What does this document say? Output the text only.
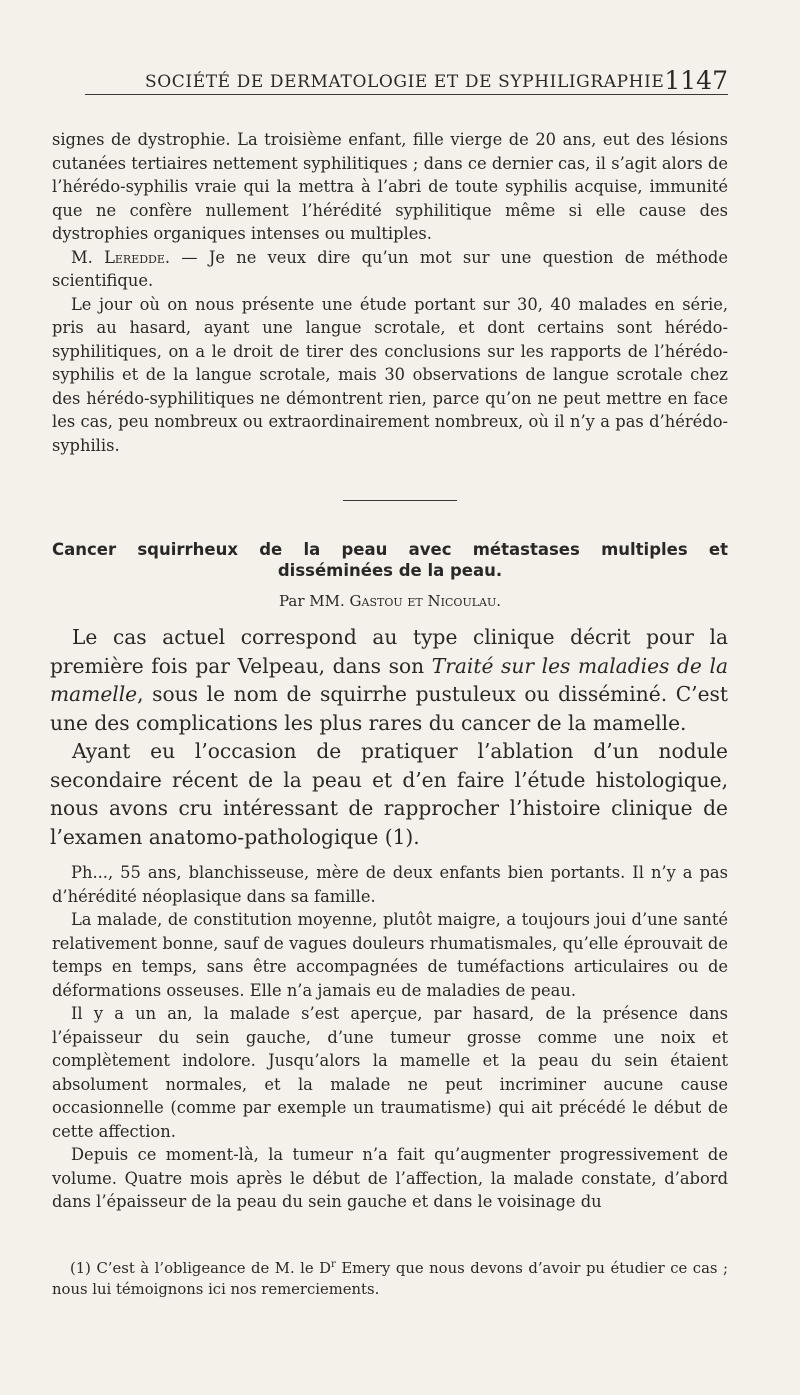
SOCIÉTÉ DE DERMATOLOGIE ET DE SYPHILIGRAPHIE 1147

signes de dystrophie. La troisième enfant, fille vierge de 20 ans, eut des lésions cutanées tertiaires nettement syphilitiques ; dans ce dernier cas, il s’agit alors de l’hérédo-syphilis vraie qui la mettra à l’abri de toute syphilis acquise, immunité que ne confère nullement l’hérédité syphilitique même si elle cause des dystrophies organiques intenses ou multiples.

M. Leredde. — Je ne veux dire qu’un mot sur une question de méthode scientifique.

Le jour où on nous présente une étude portant sur 30, 40 malades en série, pris au hasard, ayant une langue scrotale, et dont certains sont hérédo-syphilitiques, on a le droit de tirer des conclusions sur les rapports de l’hérédo-syphilis et de la langue scrotale, mais 30 observations de langue scrotale chez des hérédo-syphilitiques ne démontrent rien, parce qu’on ne peut mettre en face les cas, peu nombreux ou extraordinairement nombreux, où il n’y a pas d’hérédo-syphilis.

Cancer squirrheux de la peau avec métastases multiples et
disséminées de la peau.
Par MM. Gastou et Nicoulau.

Le cas actuel correspond au type clinique décrit pour la première fois par Velpeau, dans son Traité sur les maladies de la mamelle, sous le nom de squirrhe pustuleux ou disséminé. C’est une des complications les plus rares du cancer de la mamelle.

Ayant eu l’occasion de pratiquer l’ablation d’un nodule secondaire récent de la peau et d’en faire l’étude histologique, nous avons cru intéressant de rapprocher l’histoire clinique de l’examen anatomo-pathologique (1).

Ph..., 55 ans, blanchisseuse, mère de deux enfants bien portants. Il n’y a pas d’hérédité néoplasique dans sa famille.

La malade, de constitution moyenne, plutôt maigre, a toujours joui d’une santé relativement bonne, sauf de vagues douleurs rhumatismales, qu’elle éprouvait de temps en temps, sans être accompagnées de tuméfactions articulaires ou de déformations osseuses. Elle n’a jamais eu de maladies de peau.

Il y a un an, la malade s’est aperçue, par hasard, de la présence dans l’épaisseur du sein gauche, d’une tumeur grosse comme une noix et complètement indolore. Jusqu’alors la mamelle et la peau du sein étaient absolument normales, et la malade ne peut incriminer aucune cause occasionnelle (comme par exemple un traumatisme) qui ait précédé le début de cette affection.

Depuis ce moment-là, la tumeur n’a fait qu’augmenter progressivement de volume. Quatre mois après le début de l’affection, la malade constate, d’abord dans l’épaisseur de la peau du sein gauche et dans le voisinage du

(1) C’est à l’obligeance de M. le $D^r$ Emery que nous devons d’avoir pu étudier ce cas ; nous lui témoignons ici nos remerciements.
